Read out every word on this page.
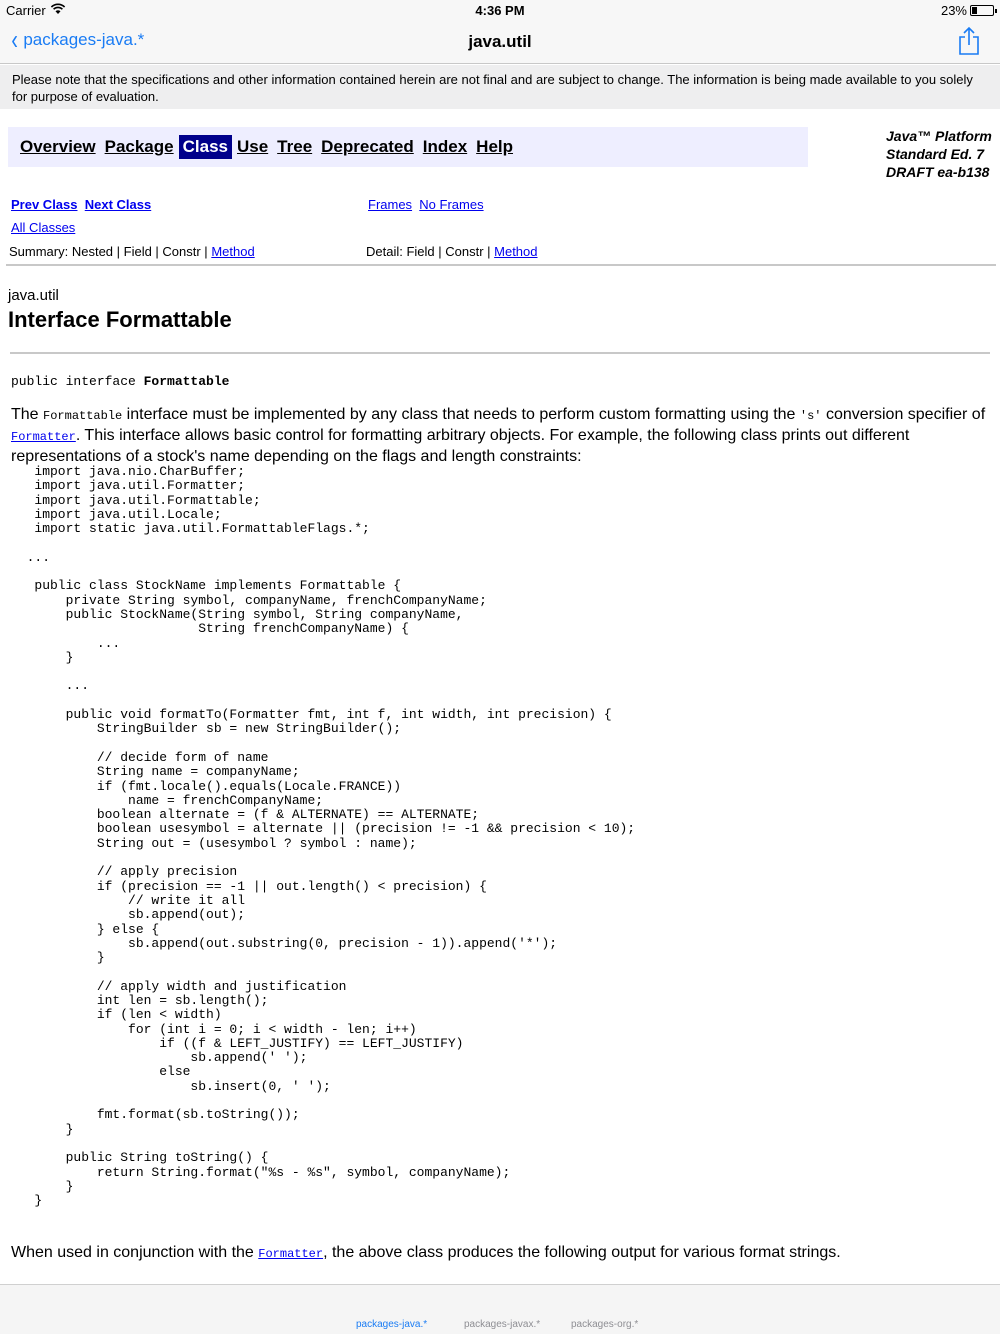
Carrier	4:36 PM	23%
‹ packages-java.*	java.util
Please note that the specifications and other information contained herein are not final and are subject to change. The information is being made available to you solely for purpose of evaluation.
Overview Package Class Use Tree Deprecated Index Help
Java™ Platform
Standard Ed. 7
DRAFT ea-b138
Prev Class Next Class	Frames No Frames
All Classes
Summary: Nested | Field | Constr | Method	Detail: Field | Constr | Method
java.util
Interface Formattable
public interface Formattable
The Formattable interface must be implemented by any class that needs to perform custom formatting using the 's' conversion specifier of Formatter. This interface allows basic control for formatting arbitrary objects. For example, the following class prints out different representations of a stock's name depending on the flags and length constraints:
import java.nio.CharBuffer;
import java.util.Formatter;
import java.util.Formattable;
import java.util.Locale;
import static java.util.FormattableFlags.*;

...

public class StockName implements Formattable {
private String symbol, companyName, frenchCompanyName;
public StockName(String symbol, String companyName,
String frenchCompanyName) {
...
}

...

public void formatTo(Formatter fmt, int f, int width, int precision) {
StringBuilder sb = new StringBuilder();

// decide form of name
String name = companyName;
if (fmt.locale().equals(Locale.FRANCE))
name = frenchCompanyName;
boolean alternate = (f & ALTERNATE) == ALTERNATE;
boolean usesymbol = alternate || (precision != -1 && precision < 10);
String out = (usesymbol ? symbol : name);

// apply precision
if (precision == -1 || out.length() < precision) {
// write it all
sb.append(out);
} else {
sb.append(out.substring(0, precision - 1)).append('*');
}

// apply width and justification
int len = sb.length();
if (len < width)
for (int i = 0; i < width - len; i++)
if ((f & LEFT_JUSTIFY) == LEFT_JUSTIFY)
sb.append(' ');
else
sb.insert(0, ' ');

fmt.format(sb.toString());
}

public String toString() {
return String.format("%s - %s", symbol, companyName);
}
}
When used in conjunction with the Formatter, the above class produces the following output for various format strings.
packages-java.*	packages-javax.*	packages-org.*
